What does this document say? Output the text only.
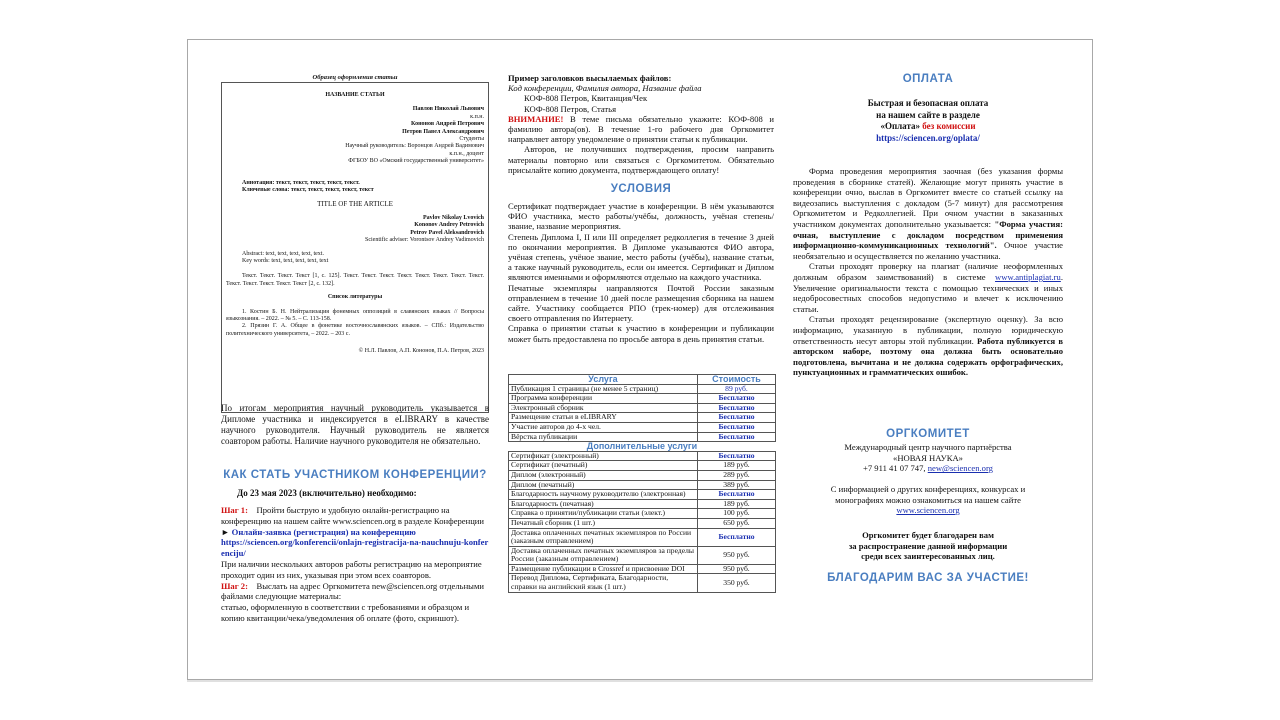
Образец оформления статьи
НАЗВАНИЕ СТАТЬИ
Павлов Николай Львович
к.п.н.
Кононов Андрей Петрович
Петров Павел Александрович
Студенты
Научный руководитель: Воронцов Андрей Вадимович
к.п.н., доцент
ФГБОУ ВО «Омский государственный университет»
Аннотация: текст, текст, текст, текст, текст.
Ключевые слова: текст, текст, текст, текст, текст
TITLE OF THE ARTICLE
Pavlov Nikolay Lvovich
Kononov Andrey Petrovich
Petrov Pavel Aleksandrovich
Scientific adviser: Vorontsov Andrey Vadimovich
Abstract: text, text, text, text, text.
Key words: text, text, text, text, text
Текст. Текст. Текст. Текст [1, с. 125]. Текст. Текст. Текст. Текст. Текст. Текст. Текст. Текст. Текст. Текст. Текст. Текст. Текст [2, с. 132].
Список литературы
1. Костин Б. Н. Нейтрализация фонемных оппозиций в славянских языках // Вопросы языкознания. – 2022. – № 5. – С. 113-158.
2. Прязин Г. А. Общее в фонетике восточнославянских языков. – СПб.: Издательство политехнического университета, – 2022. – 203 с.
© Н.Л. Павлов, А.П. Кононов, П.А. Петров, 2023
По итогам мероприятия научный руководитель указывается в Дипломе участника и индексируется в eLIBRARY в качестве научного руководителя. Научный руководитель не является соавтором работы. Наличие научного руководителя не обязательно.
КАК СТАТЬ УЧАСТНИКОМ КОНФЕРЕНЦИИ?
До 23 мая 2023 (включительно) необходимо:
Шаг 1: Пройти быструю и удобную онлайн-регистрацию на конференцию на нашем сайте www.sciencen.org в разделе Конференции ► Онлайн-заявка (регистрация) на конференцию
https://sciencen.org/konferencii/onlajn-registracija-na-nauchnuju-konferenciju/
При наличии нескольких авторов работы регистрацию на мероприятие проходит один из них, указывая при этом всех соавторов.
Шаг 2: Выслать на адрес Оргкомитета new@sciencen.org отдельными файлами следующие материалы:
статью, оформленную в соответствии с требованиями и образцом и копию квитанции/чека/уведомления об оплате (фото, скриншот).
Пример заголовков высылаемых файлов:
Код конференции, Фамилия автора, Название файла
КОФ-808 Петров, Квитанция/Чек
КОФ-808 Петров, Статья
ВНИМАНИЕ! В теме письма обязательно укажите: КОФ-808 и фамилию автора(ов). В течение 1-го рабочего дня Оргкомитет направляет автору уведомление о принятии статьи к публикации.
Авторов, не получивших подтверждения, просим направить материалы повторно или связаться с Оргкомитетом. Обязательно присылайте копию документа, подтверждающего оплату!
УСЛОВИЯ
Сертификат подтверждает участие в конференции. В нём указываются ФИО участника, место работы/учёбы, должность, учёная степень/звание, название мероприятия.
Степень Диплома I, II или III определяет редколлегия в течение 3 дней по окончании мероприятия. В Дипломе указываются ФИО автора, учёная степень, учёное звание, место работы (учёбы), название статьи, а также научный руководитель, если он имеется. Сертификат и Диплом являются именными и оформляются отдельно на каждого участника.
Печатные экземпляры направляются Почтой России заказным отправлением в течение 10 дней после размещения сборника на нашем сайте. Участнику сообщается РПО (трек-номер) для отслеживания своего отправления по Интернету.
Справка о принятии статьи к участию в конференции и публикации может быть предоставлена по просьбе автора в день принятия статьи.
Услуга	Стоимость
Публикация 1 страницы (не менее 5 страниц)	89 руб.
Программа конференции	Бесплатно
Электронный сборник	Бесплатно
Размещение статьи в eLIBRARY	Бесплатно
Участие авторов до 4-х чел.	Бесплатно
Вёрстка публикации	Бесплатно
Дополнительные услуги	
Сертификат (электронный)	Бесплатно
Сертификат (печатный)	189 руб.
Диплом (электронный)	289 руб.
Диплом (печатный)	389 руб.
Благодарность научному руководителю (электронная)	Бесплатно
Благодарность (печатная)	189 руб.
Справка о принятии/публикации статьи (элект.)	100 руб.
Печатный сборник (1 шт.)	650 руб.
Доставка оплаченных печатных экземпляров по России (заказным отправлением)	Бесплатно
Доставка оплаченных печатных экземпляров за пределы России (заказным отправлением)	950 руб.
Размещение публикации в Crossref и присвоение DOI	950 руб.
Перевод Диплома, Сертификата, Благодарности, справки на английский язык (1 шт.)	350 руб.
ОПЛАТА
Быстрая и безопасная оплата
на нашем сайте в разделе
«Оплата» без комиссии
https://sciencen.org/oplata/
Форма проведения мероприятия заочная (без указания формы проведения в сборнике статей). Желающие могут принять участие в конференции очно, выслав в Оргкомитет вместе со статьей ссылку на видеозапись выступления с докладом (5-7 минут) для рассмотрения Оргкомитетом и Редколлегией. При очном участии в заказанных участником документах дополнительно указывается: "Форма участия: очная, выступление с докладом посредством применения информационно-коммуникационных технологий". Очное участие необязательно и осуществляется по желанию участника.
Статьи проходят проверку на плагиат (наличие неоформленных должным образом заимствований) в системе www.antiplagiat.ru. Увеличение оригинальности текста с помощью технических и иных недобросовестных способов недопустимо и влечет к исключению статьи.
Статьи проходят рецензирование (экспертную оценку). За всю информацию, указанную в публикации, полную юридическую ответственность несут авторы этой публикации. Работа публикуется в авторском наборе, поэтому она должна быть основательно подготовлена, вычитана и не должна содержать орфографических, пунктуационных и грамматических ошибок.
ОРГКОМИТЕТ
Международный центр научного партнёрства
«НОВАЯ НАУКА»
+7 911 41 07 747, new@sciencen.org
С информацией о других конференциях, конкурсах и
монографиях можно ознакомиться на нашем сайте
www.sciencen.org
Оргкомитет будет благодарен вам
за распространение данной информации
среди всех заинтересованных лиц.
БЛАГОДАРИМ ВАС ЗА УЧАСТИЕ!
